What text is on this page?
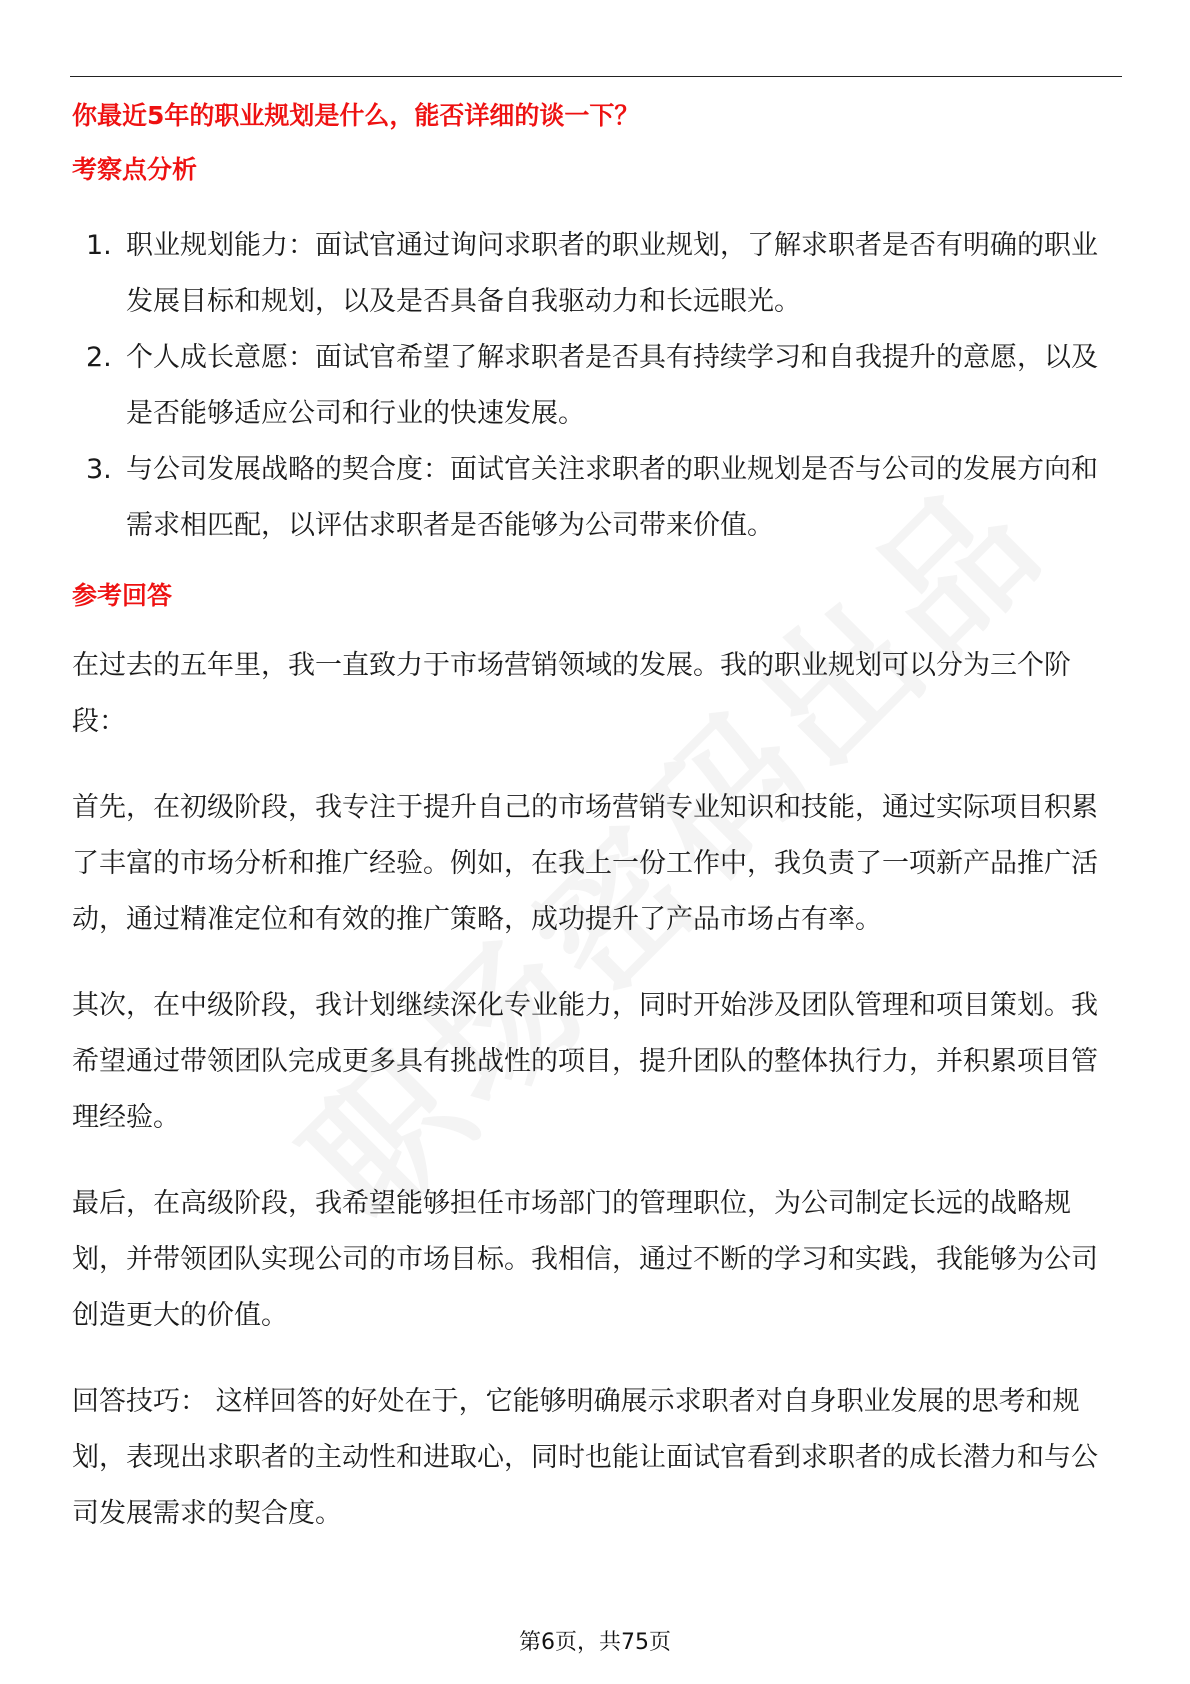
你最近5年的职业规划是什么，能否详细的谈一下？
考察点分析
1. 职业规划能力：面试官通过询问求职者的职业规划，了解求职者是否有明确的职业发展目标和规划，以及是否具备自我驱动力和长远眼光。
2. 个人成长意愿：面试官希望了解求职者是否具有持续学习和自我提升的意愿，以及是否能够适应公司和行业的快速发展。
3. 与公司发展战略的契合度：面试官关注求职者的职业规划是否与公司的发展方向和需求相匹配，以评估求职者是否能够为公司带来价值。
参考回答

在过去的五年里，我一直致力于市场营销领域的发展。我的职业规划可以分为三个阶段：

首先，在初级阶段，我专注于提升自己的市场营销专业知识和技能，通过实际项目积累了丰富的市场分析和推广经验。例如，在我上一份工作中，我负责了一项新产品推广活动，通过精准定位和有效的推广策略，成功提升了产品市场占有率。

其次，在中级阶段，我计划继续深化专业能力，同时开始涉及团队管理和项目策划。我希望通过带领团队完成更多具有挑战性的项目，提升团队的整体执行力，并积累项目管理经验。

最后，在高级阶段，我希望能够担任市场部门的管理职位，为公司制定长远的战略规划，并带领团队实现公司的市场目标。我相信，通过不断的学习和实践，我能够为公司创造更大的价值。

回答技巧： 这样回答的好处在于，它能够明确展示求职者对自身职业发展的思考和规划，表现出求职者的主动性和进取心，同时也能让面试官看到求职者的成长潜力和与公司发展需求的契合度。

第6页，共75页
